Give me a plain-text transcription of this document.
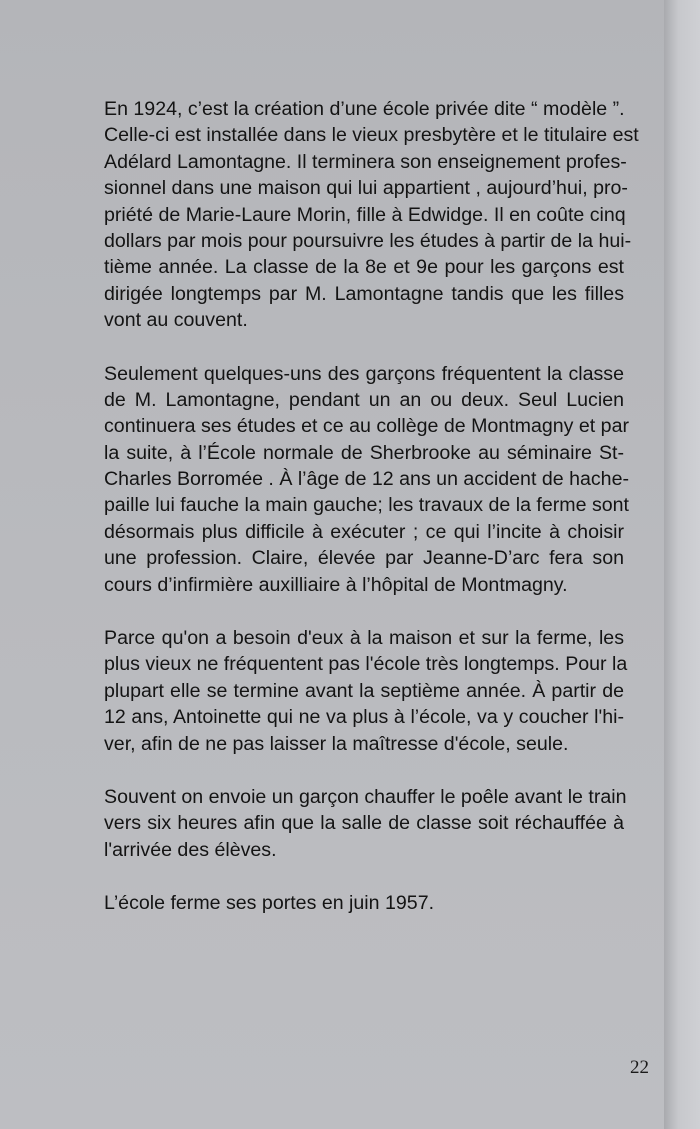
En 1924, c’est la création d’une école privée dite “ modèle ”.
Celle-ci est installée dans le vieux presbytère et le titulaire est
Adélard Lamontagne. Il terminera son enseignement profes-
sionnel dans une maison qui lui appartient , aujourd’hui, pro-
priété de Marie-Laure Morin, fille à Edwidge. Il en coûte cinq
dollars par mois pour poursuivre les études à partir de la hui-
tième année. La classe de la 8e et 9e pour les garçons est
dirigée longtemps par M. Lamontagne tandis que les filles
vont au couvent.
Seulement quelques-uns des garçons fréquentent la classe
de M. Lamontagne, pendant un an ou deux. Seul Lucien
continuera ses études et ce au collège de Montmagny et par
la suite, à l’École normale de Sherbrooke au séminaire St-
Charles Borromée . À l’âge de 12 ans un accident de hache-
paille lui fauche la main gauche; les travaux de la ferme sont
désormais plus difficile à exécuter ; ce qui l’incite à choisir
une profession. Claire, élevée par Jeanne-D’arc fera son
cours d’infirmière auxilliaire à l’hôpital de Montmagny.
Parce qu'on a besoin d'eux à la maison et sur la ferme, les
plus vieux ne fréquentent pas l'école très longtemps. Pour la
plupart elle se termine avant la septième année. À partir de
12 ans, Antoinette qui ne va plus à l’école, va y coucher l'hi-
ver, afin de ne pas laisser la maîtresse d'école, seule.
Souvent on envoie un garçon chauffer le poêle avant le train
vers six heures afin que la salle de classe soit réchauffée à
l'arrivée des élèves.
L’école ferme ses portes en juin 1957.
22
